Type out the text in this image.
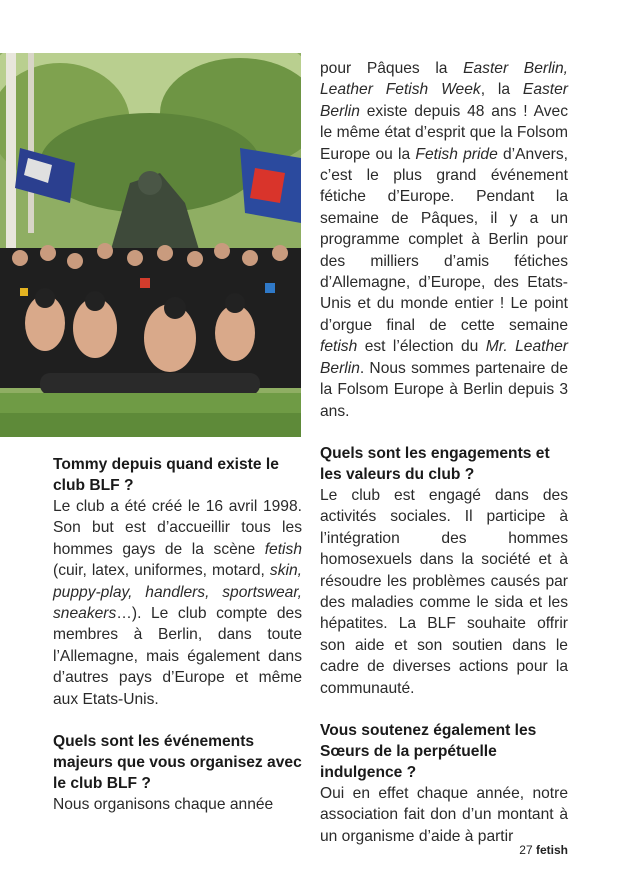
Tommy depuis quand existe le club BLF ?

Le club a été créé le 16 avril 1998. Son but est d’accueillir tous les hommes gays de la scène fetish (cuir, latex, uniformes, motard, skin, puppy-play, handlers, sportswear, sneakers…). Le club compte des membres à Berlin, dans toute l’Allemagne, mais également dans d’autres pays d’Europe et même aux Etats-Unis.

Quels sont les événements majeurs que vous organisez avec le club BLF ?

Nous organisons chaque année

pour Pâques la Easter Berlin, Leather Fetish Week, la Easter Berlin existe depuis 48 ans ! Avec le même état d’esprit que la Folsom Europe ou la Fetish pride d’Anvers, c’est le plus grand événement fétiche d’Europe. Pendant la semaine de Pâques, il y a un programme complet à Berlin pour des milliers d’amis fétiches d’Allemagne, d’Europe, des Etats-Unis et du monde entier ! Le point d’orgue final de cette semaine fetish est l’élection du Mr. Leather Berlin. Nous sommes partenaire de la Folsom Europe à Berlin depuis 3 ans.

Quels sont les engagements et les valeurs du club ?

Le club est engagé dans des activités sociales. Il participe à l’intégration des hommes homosexuels dans la société et à résoudre les problèmes causés par des maladies comme le sida et les hépatites. La BLF souhaite offrir son aide et son soutien dans le cadre de diverses actions pour la communauté.

Vous soutenez également les Sœurs de la perpétuelle indulgence ?

Oui en effet chaque année, notre association fait don d’un montant à un organisme d’aide à partir

27 fetish
